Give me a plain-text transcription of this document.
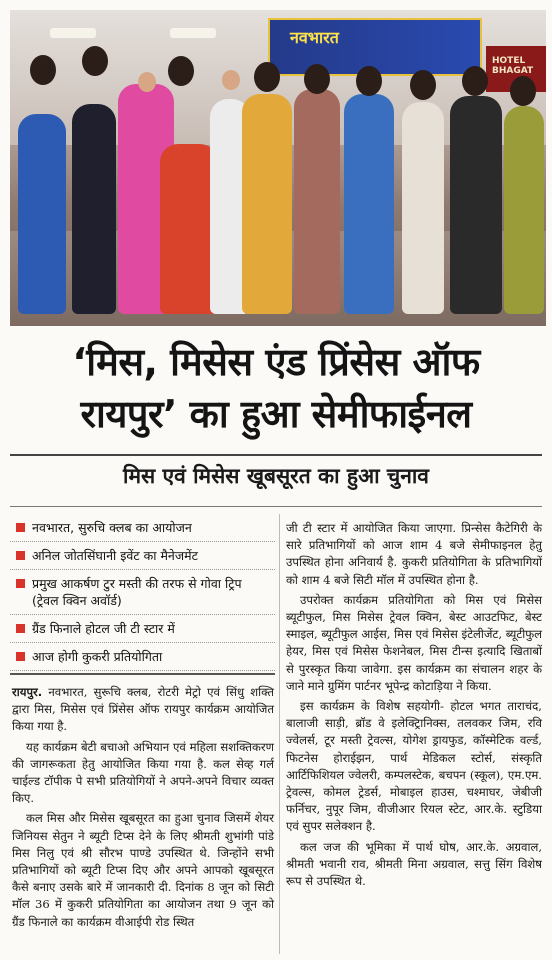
नवभारत
HOTEL BHAGAT
‘मिस, मिसेस एंड प्रिंसेस ऑफ
रायपुर’ का हुआ सेमीफाईनल
मिस एवं मिसेस खूबसूरत का हुआ चुनाव
नवभारत, सुरुचि क्लब का आयोजन
अनिल जोतसिंघानी इवेंट का मैनेजमेंट
प्रमुख आकर्षण टुर मस्ती की तरफ से गोवा ट्रिप (ट्रेवल क्विन अवॉर्ड)
ग्रैंड फिनाले होटल जी टी स्टार में
आज होगी कुकरी प्रतियोगिता

रायपुर. नवभारत, सुरूचि क्लब, रोटरी मेट्रो एवं सिंधु शक्ति द्वारा मिस, मिसेस एवं प्रिंसेस ऑफ रायपुर कार्यक्रम आयोजित किया गया है.

यह कार्यक्रम बेटी बचाओ अभियान एवं महिला सशक्तिकरण की जागरूकता हेतु आयोजित किया गया है. कल सेव्ह गर्ल चाईल्ड टॉपीक पे सभी प्रतियोगियों ने अपने-अपने विचार व्यक्त किए.

कल मिस और मिसेस खूबसूरत का हुआ चुनाव जिसमें शेयर जिनियस सेतुन ने ब्यूटी टिप्स देने के लिए श्रीमती शुभांगी पांडे मिस निलु एवं श्री सौरभ पाण्डे उपस्थित थे. जिन्होंने सभी प्रतिभागियों को ब्यूटी टिप्स दिए और अपने आपको खूबसूरत कैसे बनाए उसके बारे में जानकारी दी. दिनांक 8 जून को सिटी मॉल 36 में कुकरी प्रतियोगिता का आयोजन तथा 9 जून को ग्रैंड फिनाले का कार्यक्रम वीआईपी रोड स्थित

जी टी स्टार में आयोजित किया जाएगा. प्रिन्सेस कैटेगिरी के सारे प्रतिभागियों को आज शाम 4 बजे सेमीफाइनल हेतु उपस्थित होना अनिवार्य है. कुकरी प्रतियोगिता के प्रतिभागियों को शाम 4 बजे सिटी मॉल में उपस्थित होना है.

उपरोक्त कार्यक्रम प्रतियोगिता को मिस एवं मिसेस ब्यूटीफुल, मिस मिसेस ट्रेवल क्विन, बेस्ट आउटफिट, बेस्ट स्माइल, ब्यूटीफुल आईस, मिस एवं मिसेस इंटेलीजेंट, ब्यूटीफुल हेयर, मिस एवं मिसेस फेशनेबल, मिस टीन्स इत्यादि खिताबों से पुरस्कृत किया जावेगा. इस कार्यक्रम का संचालन शहर के जाने माने ग्रुमिंग पार्टनर भूपेन्द्र कोटाड़िया ने किया.

इस कार्यक्रम के विशेष सहयोगी- होटल भगत ताराचंद, बालाजी साड़ी, ब्रॉड वे इलेक्ट्रिानिक्स, तलवकर जिम, रवि ज्वेलर्स, टूर मस्ती ट्रेवल्स, योगेश ड्रायफुड, कॉस्मेटिक वर्ल्ड, फिटनेस होराईझन, पार्थ मेडिकल स्टोर्स, संस्कृति आर्टिफिशियल ज्वेलरी, कम्पलस्टेक, बचपन (स्कूल), एम.एम. ट्रेवल्स, कोमल ट्रेडर्स, मोबाइल हाउस, चश्माघर, जेबीजी फर्निचर, नुपूर जिम, वीजीआर रियल स्टेट, आर.के. स्टुडिया एवं सुपर सलेक्शन है.

कल जज की भूमिका में पार्थ घोष, आर.के. अग्रवाल, श्रीमती भवानी राव, श्रीमती मिना अग्रवाल, सत्तु सिंग विशेष रूप से उपस्थित थे.
